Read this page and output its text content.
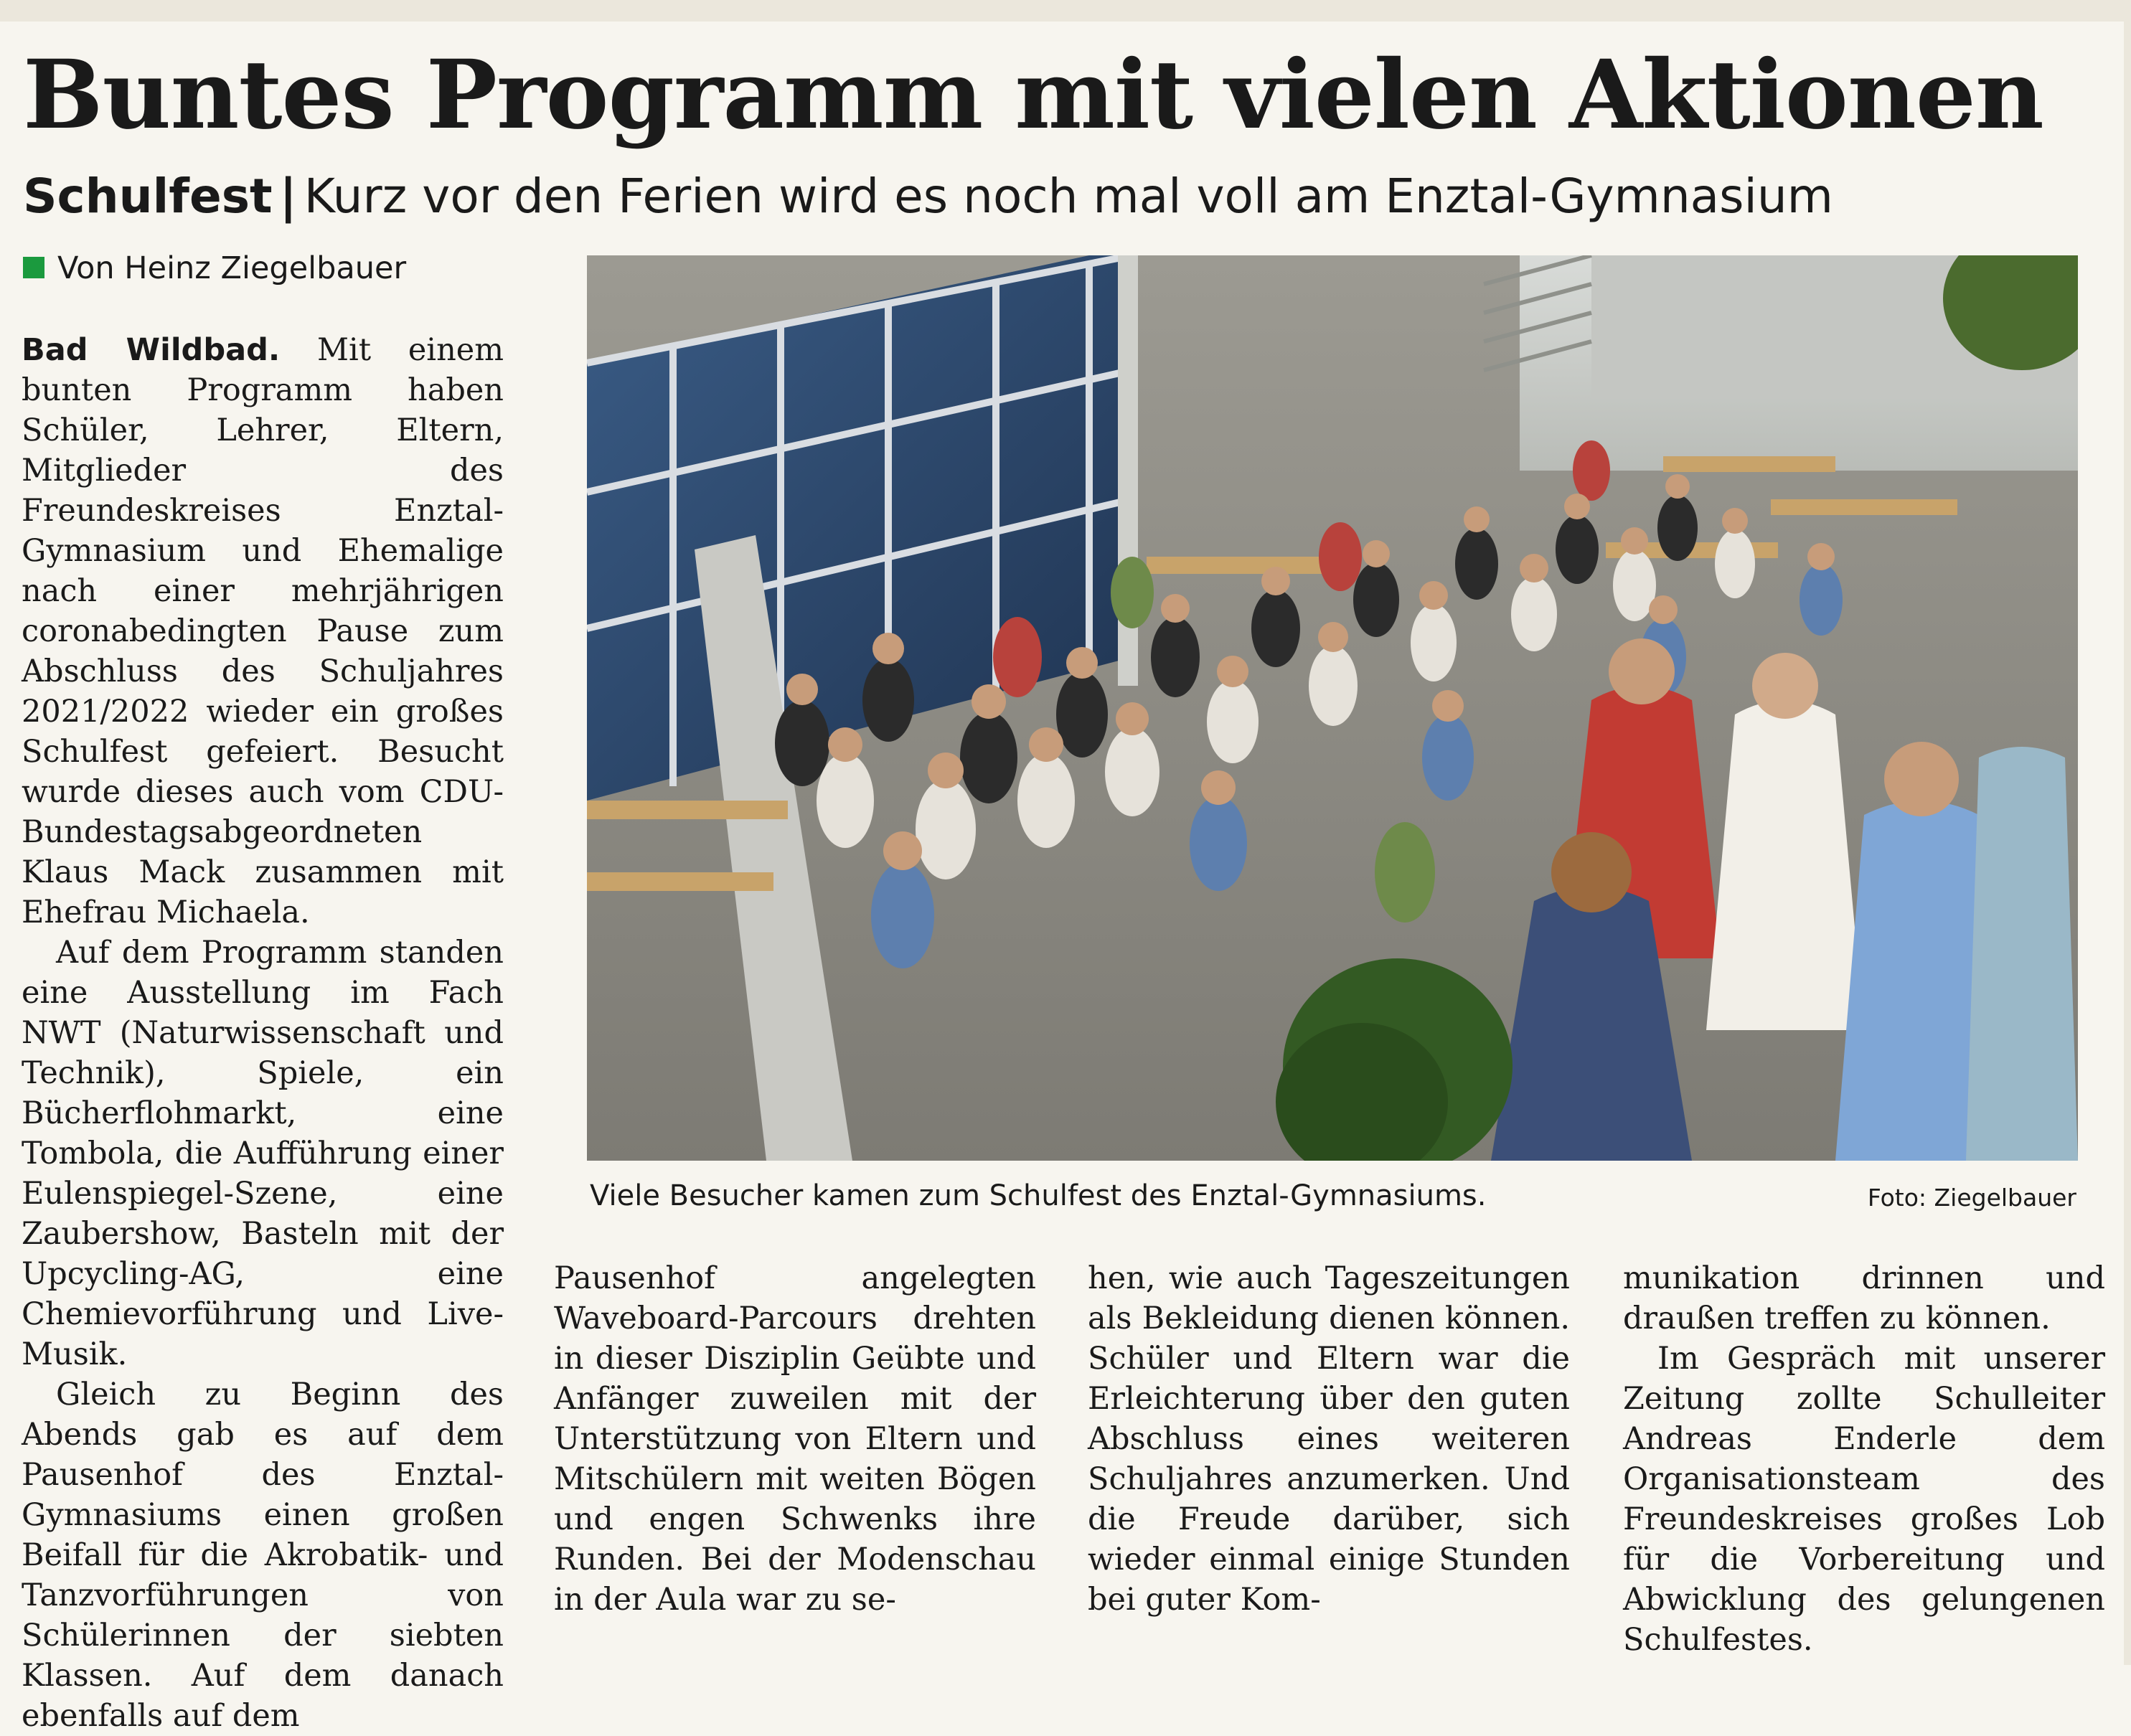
Buntes Programm mit vielen Aktionen
Schulfest | Kurz vor den Ferien wird es noch mal voll am Enztal-Gymnasium
Von Heinz Ziegelbauer

Bad Wildbad. Mit einem bunten Programm haben Schüler, Lehrer, Eltern, Mitglieder des Freundeskreises Enztal-Gymnasium und Ehemalige nach einer mehrjährigen coronabedingten Pause zum Abschluss des Schuljahres 2021/2022 wieder ein großes Schulfest gefeiert. Besucht wurde dieses auch vom CDU-Bundestagsabgeordneten Klaus Mack zusammen mit Ehefrau Michaela.

Auf dem Programm standen eine Ausstellung im Fach NWT (Naturwissenschaft und Technik), Spiele, ein Bücherflohmarkt, eine Tombola, die Aufführung einer Eulenspiegel-Szene, eine Zaubershow, Basteln mit der Upcycling-AG, eine Chemievorführung und Live-Musik.

Gleich zu Beginn des Abends gab es auf dem Pausenhof des Enztal-Gymnasiums einen großen Beifall für die Akrobatik- und Tanzvorführungen von Schülerinnen der siebten Klassen. Auf dem danach ebenfalls auf dem

Viele Besucher kamen zum Schulfest des Enztal-Gymnasiums.	Foto: Ziegelbauer

Pausenhof angelegten Waveboard-Parcours drehten in dieser Disziplin Geübte und Anfänger zuweilen mit der Unterstützung von Eltern und Mitschülern mit weiten Bögen und engen Schwenks ihre Runden. Bei der Modenschau in der Aula war zu se-

hen, wie auch Tageszeitungen als Bekleidung dienen können. Schüler und Eltern war die Erleichterung über den guten Abschluss eines weiteren Schuljahres anzumerken. Und die Freude darüber, sich wieder einmal einige Stunden bei guter Kom-

munikation drinnen und draußen treffen zu können.

Im Gespräch mit unserer Zeitung zollte Schulleiter Andreas Enderle dem Organisationsteam des Freundeskreises großes Lob für die Vorbereitung und Abwicklung des gelungenen Schulfestes.
